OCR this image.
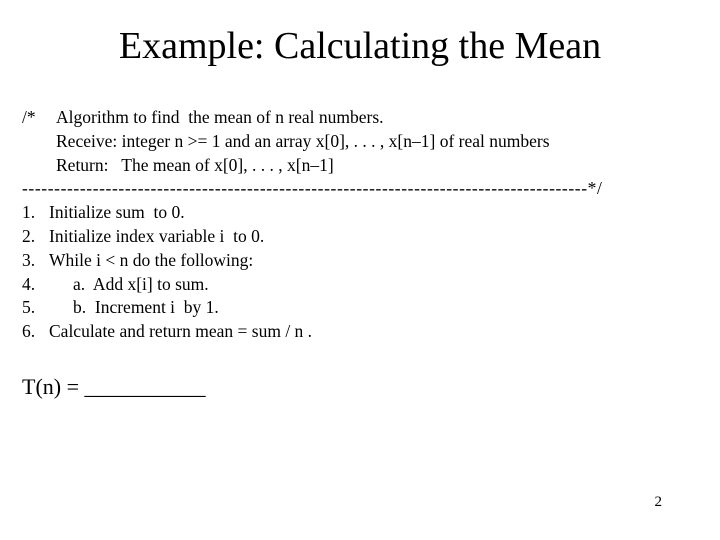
Example: Calculating the Mean
/* Algorithm to find  the mean of n real numbers.
Receive: integer n >= 1 and an array x[0], . . . , x[n–1] of real numbers
Return:   The mean of x[0], . . . , x[n–1]
----------------------------------------------------------------------------------------*/
1. Initialize sum  to 0.
2. Initialize index variable i  to 0.
3. While i < n do the following:
4. a.  Add x[i] to sum.
5. b.  Increment i  by 1.
6. Calculate and return mean = sum / n .
T(n) = ___________
2
